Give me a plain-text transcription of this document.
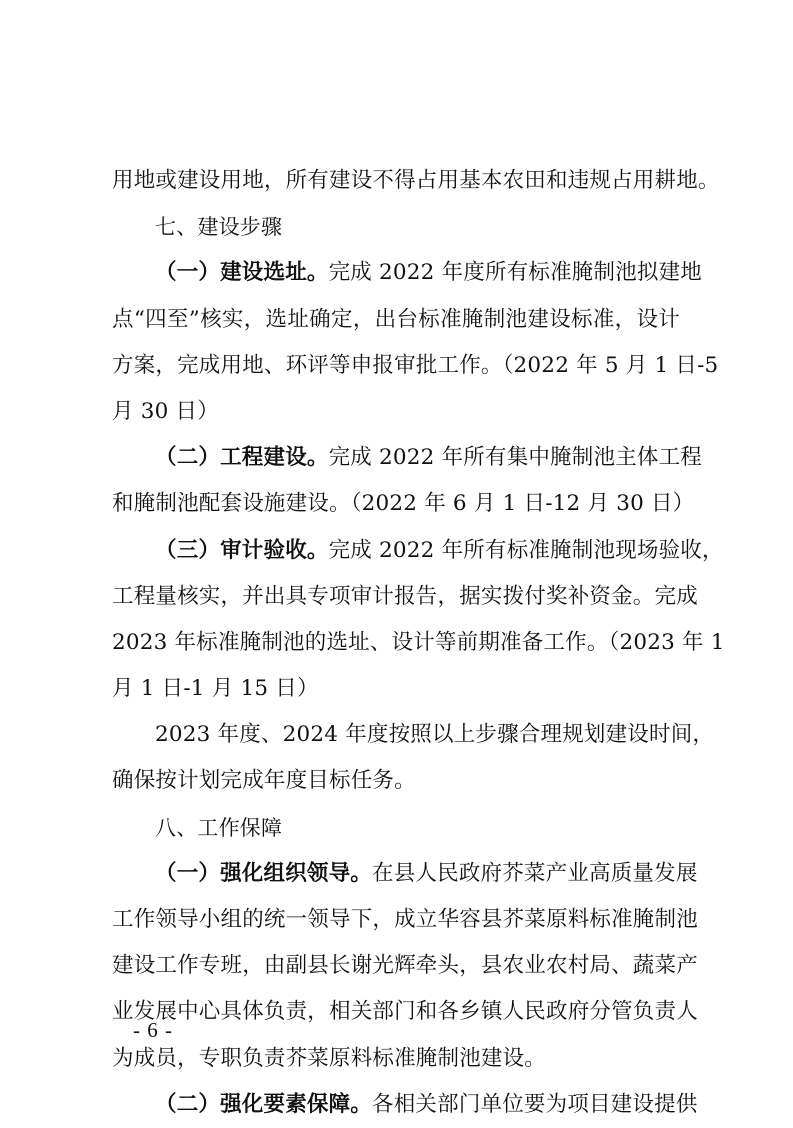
用地或建设用地，所有建设不得占用基本农田和违规占用耕地。
七、建设步骤
（一）建设选址。完成 2022 年度所有标准腌制池拟建地
点“四至”核实，选址确定，出台标准腌制池建设标准，设计
方案，完成用地、环评等申报审批工作。（2022 年 5 月 1 日-5
月 30 日）
（二）工程建设。完成 2022 年所有集中腌制池主体工程
和腌制池配套设施建设。（2022 年 6 月 1 日-12 月 30 日）
（三）审计验收。完成 2022 年所有标准腌制池现场验收，
工程量核实，并出具专项审计报告，据实拨付奖补资金。完成
2023 年标准腌制池的选址、设计等前期准备工作。（2023 年 1
月 1 日-1 月 15 日）
2023 年度、2024 年度按照以上步骤合理规划建设时间，
确保按计划完成年度目标任务。
八、工作保障
（一）强化组织领导。在县人民政府芥菜产业高质量发展
工作领导小组的统一领导下，成立华容县芥菜原料标准腌制池
建设工作专班，由副县长谢光辉牵头，县农业农村局、蔬菜产
业发展中心具体负责，相关部门和各乡镇人民政府分管负责人
为成员，专职负责芥菜原料标准腌制池建设。
（二）强化要素保障。各相关部门单位要为项目建设提供
- 6 -
